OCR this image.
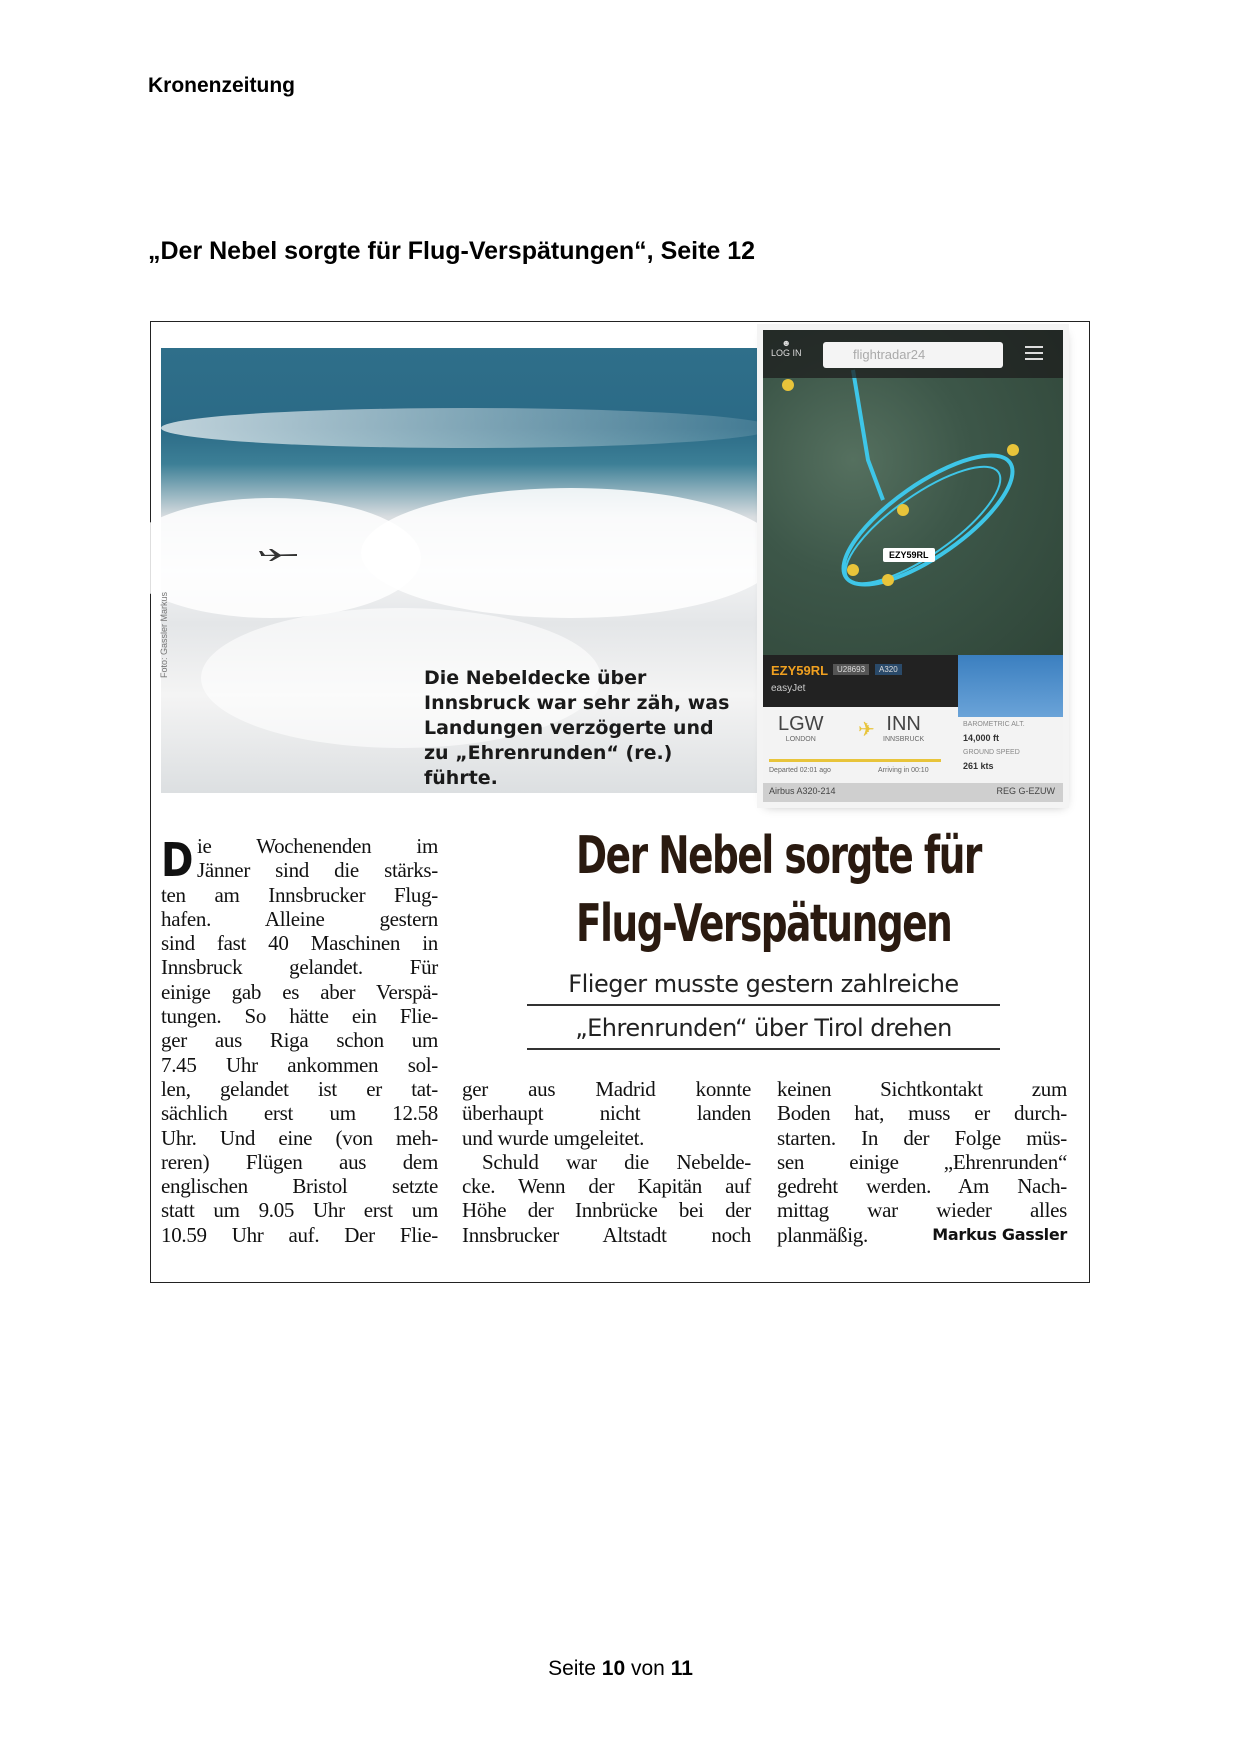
Kronenzeitung
„Der Nebel sorgte für Flug-Verspätungen“, Seite 12
Foto: Gassler Markus	Die Nebeldecke über Innsbruck war sehr zäh, was Landungen verzögerte und zu „Ehrenrunden“ (re.) führte.
☻
LOG IN	flightradar24
EZY59RL
EZY59RL	U28693	A320
easyJet
LGW
LONDON	✈ INN
INNSBRUCK
Departed 02:01 ago	Arriving in 00:10
BAROMETRIC ALT.
14,000 ft
GROUND SPEED
261 kts
Airbus A320-214	REG G-EZUW
D ie Wochenenden im
Jänner sind die stärks-
ten am Innsbrucker Flug-
hafen. Alleine gestern
sind fast 40 Maschinen in
Innsbruck gelandet. Für
einige gab es aber Verspä-
tungen. So hätte ein Flie-
ger aus Riga schon um
7.45 Uhr ankommen sol-
len, gelandet ist er tat-
sächlich erst um 12.58
Uhr. Und eine (von meh-
reren) Flügen aus dem
englischen Bristol setzte
statt um 9.05 Uhr erst um
10.59 Uhr auf. Der Flie-
Der Nebel sorgte für
Flug-Verspätungen
Flieger musste gestern zahlreiche
„Ehrenrunden“ über Tirol drehen
ger aus Madrid konnte
überhaupt nicht landen
und wurde umgeleitet.
Schuld war die Nebelde-
cke. Wenn der Kapitän auf
Höhe der Innbrücke bei der
Innsbrucker Altstadt noch
keinen Sichtkontakt zum
Boden hat, muss er durch-
starten. In der Folge müs-
sen einige „Ehrenrunden“
gedreht werden. Am Nach-
mittag war wieder alles
planmäßig.	Markus Gassler
Seite 10 von 11
